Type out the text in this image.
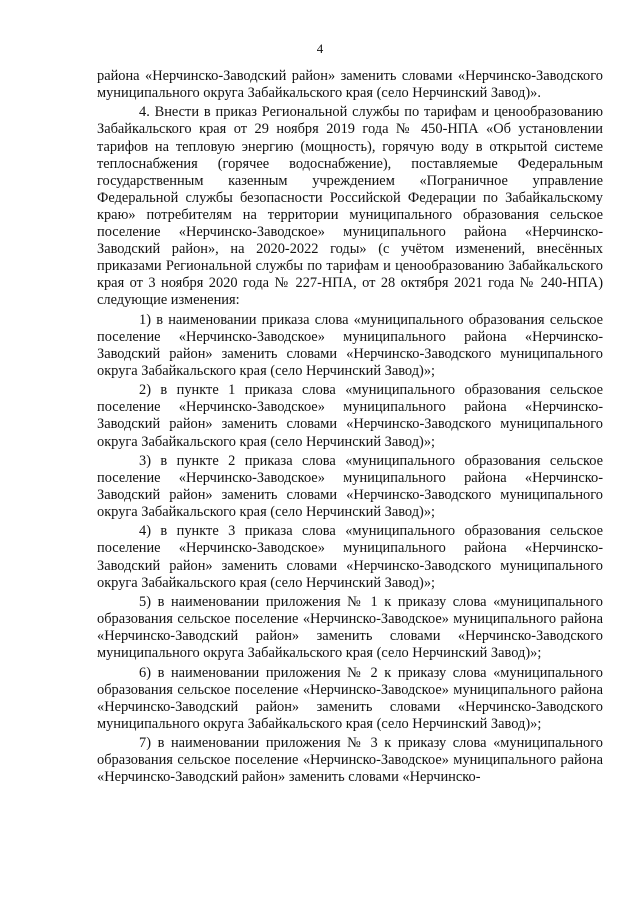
4

района «Нерчинско-Заводский район» заменить словами «Нерчинско-Заводского муниципального округа Забайкальского края (село Нерчинский Завод)».

4. Внести в приказ Региональной службы по тарифам и ценообразованию Забайкальского края от 29 ноября 2019 года № 450-НПА «Об установлении тарифов на тепловую энергию (мощность), горячую воду в открытой системе теплоснабжения (горячее водоснабжение), поставляемые Федеральным государственным казенным учреждением «Пограничное управление Федеральной службы безопасности Российской Федерации по Забайкальскому краю» потребителям на территории муниципального образования сельское поселение «Нерчинско-Заводское» муниципального района «Нерчинско-Заводский район», на 2020-2022 годы» (с учётом изменений, внесённых приказами Региональной службы по тарифам и ценообразованию Забайкальского края от 3 ноября 2020 года № 227-НПА, от 28 октября 2021 года № 240-НПА) следующие изменения:

1) в наименовании приказа слова «муниципального образования сельское поселение «Нерчинско-Заводское» муниципального района «Нерчинско-Заводский район» заменить словами «Нерчинско-Заводского муниципального округа Забайкальского края (село Нерчинский Завод)»;

2) в пункте 1 приказа слова «муниципального образования сельское поселение «Нерчинско-Заводское» муниципального района «Нерчинско-Заводский район» заменить словами «Нерчинско-Заводского муниципального округа Забайкальского края (село Нерчинский Завод)»;

3) в пункте 2 приказа слова «муниципального образования сельское поселение «Нерчинско-Заводское» муниципального района «Нерчинско-Заводский район» заменить словами «Нерчинско-Заводского муниципального округа Забайкальского края (село Нерчинский Завод)»;

4) в пункте 3 приказа слова «муниципального образования сельское поселение «Нерчинско-Заводское» муниципального района «Нерчинско-Заводский район» заменить словами «Нерчинско-Заводского муниципального округа Забайкальского края (село Нерчинский Завод)»;

5) в наименовании приложения № 1 к приказу слова «муниципального образования сельское поселение «Нерчинско-Заводское» муниципального района «Нерчинско-Заводский район» заменить словами «Нерчинско-Заводского муниципального округа Забайкальского края (село Нерчинский Завод)»;

6) в наименовании приложения № 2 к приказу слова «муниципального образования сельское поселение «Нерчинско-Заводское» муниципального района «Нерчинско-Заводский район» заменить словами «Нерчинско-Заводского муниципального округа Забайкальского края (село Нерчинский Завод)»;

7) в наименовании приложения № 3 к приказу слова «муниципального образования сельское поселение «Нерчинско-Заводское» муниципального района «Нерчинско-Заводский район» заменить словами «Нерчинско-
